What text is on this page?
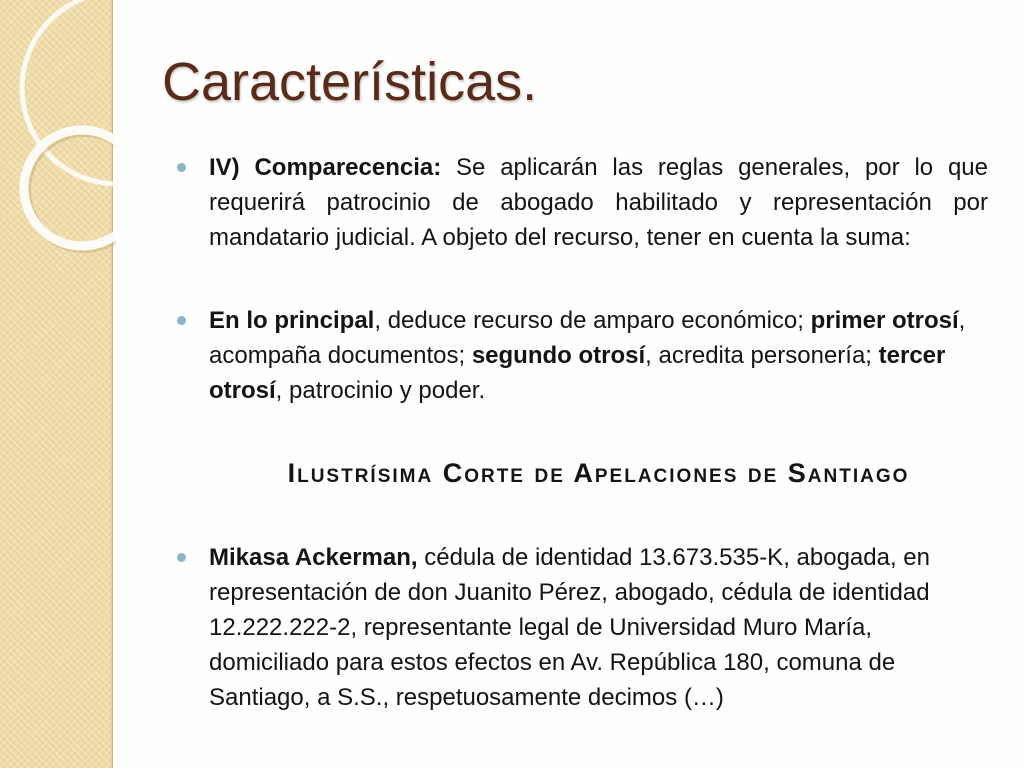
Características.
IV) Comparecencia: Se aplicarán las reglas generales, por lo que requerirá patrocinio de abogado habilitado y representación por mandatario judicial. A objeto del recurso, tener en cuenta la suma:
En lo principal, deduce recurso de amparo económico; primer otrosí, acompaña documentos; segundo otrosí, acredita personería; tercer otrosí, patrocinio y poder.
Ilustrísima Corte de Apelaciones de Santiago
Mikasa Ackerman, cédula de identidad 13.673.535-K, abogada, en representación de don Juanito Pérez, abogado, cédula de identidad 12.222.222-2, representante legal de Universidad Muro María, domiciliado para estos efectos en Av. República 180, comuna de Santiago, a S.S., respetuosamente decimos (…)
